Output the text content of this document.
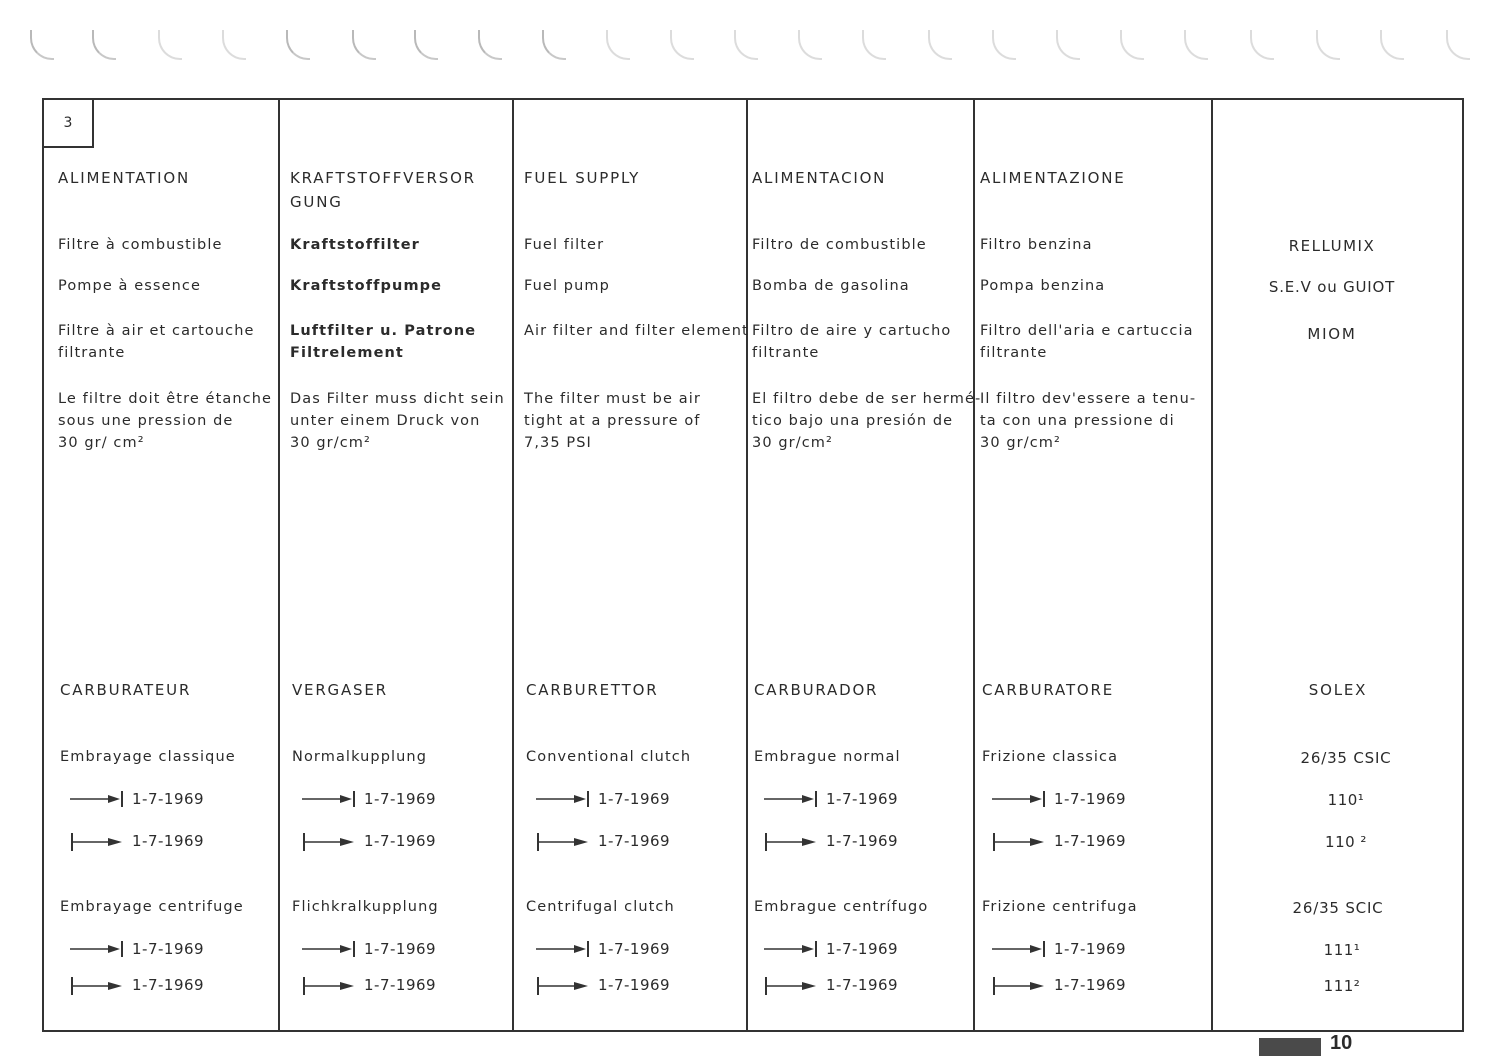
3
ALIMENTATION
Filtre à combustible
Pompe à essence
Filtre à air et cartouche
filtrante
Le filtre doit être étanche
sous une pression de
30 gr/ cm²
CARBURATEUR
Embrayage classique
Embrayage centrifuge
1-7-1969
1-7-1969
1-7-1969
1-7-1969
KRAFTSTOFFVERSOR
GUNG
Kraftstoffilter
Kraftstoffpumpe
Luftfilter u. Patrone
Filtrelement
Das Filter muss dicht sein
unter einem Druck von
30 gr/cm²
VERGASER
Normalkupplung
Flichkralkupplung
1-7-1969
1-7-1969
1-7-1969
1-7-1969
FUEL SUPPLY
Fuel filter
Fuel pump
Air filter and filter element
The filter must be air
tight at a pressure of
7,35 PSI
CARBURETTOR
Conventional clutch
Centrifugal clutch
1-7-1969
1-7-1969
1-7-1969
1-7-1969
ALIMENTACION
Filtro de combustible
Bomba de gasolina
Filtro de aire y cartucho
filtrante
El filtro debe de ser hermé-
tico bajo una presión de
30 gr/cm²
CARBURADOR
Embrague normal
Embrague centrífugo
1-7-1969
1-7-1969
1-7-1969
1-7-1969
ALIMENTAZIONE
Filtro benzina
Pompa benzina
Filtro dell'aria e cartuccia
filtrante
Il filtro dev'essere a tenu-
ta con una pressione di
30 gr/cm²
CARBURATORE
Frizione classica
Frizione centrifuga
1-7-1969
1-7-1969
1-7-1969
1-7-1969
RELLUMIX
S.E.V ou GUIOT
MIOM
SOLEX
26/35 CSIC
110¹
110 ²
26/35 SCIC
111¹
111²
10
